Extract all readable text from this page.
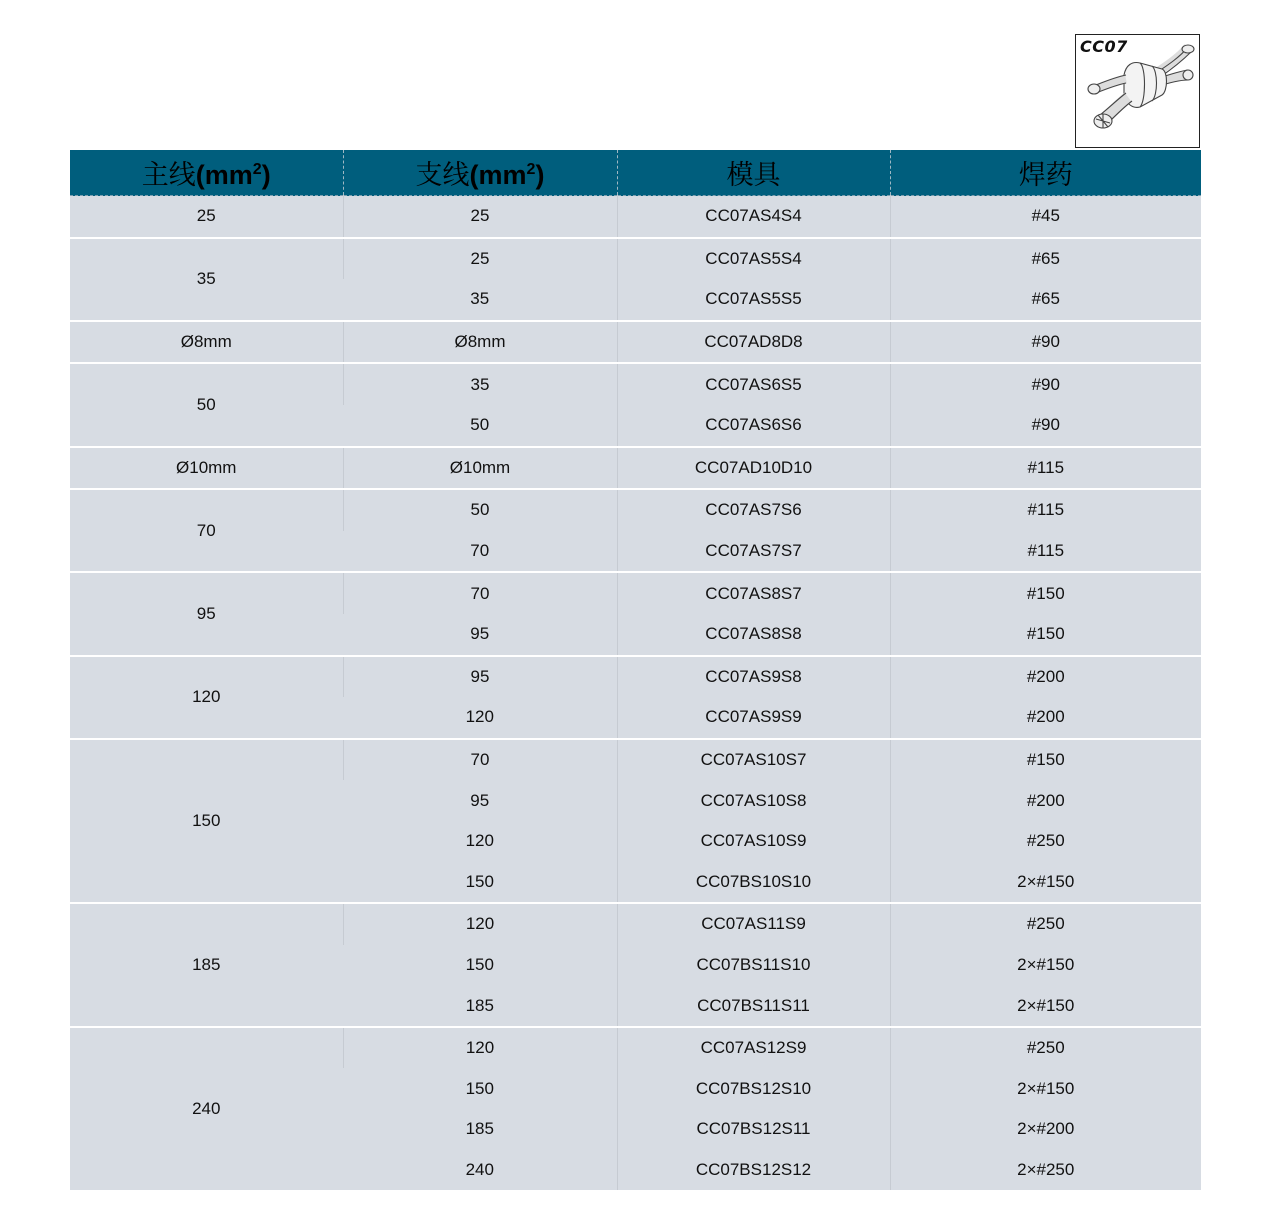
CC07
主线$(mm^2)$	支线$(mm^2)$	模具	焊药
25	25	CC07AS4S4	#45
35	25	CC07AS5S4	#65
	35	CC07AS5S5	#65
Ø8mm	Ø8mm	CC07AD8D8	#90
50	35	CC07AS6S5	#90
	50	CC07AS6S6	#90
Ø10mm	Ø10mm	CC07AD10D10	#115
70	50	CC07AS7S6	#115
	70	CC07AS7S7	#115
95	70	CC07AS8S7	#150
	95	CC07AS8S8	#150
120	95	CC07AS9S8	#200
	120	CC07AS9S9	#200
150	70	CC07AS10S7	#150
	95	CC07AS10S8	#200
	120	CC07AS10S9	#250
	150	CC07BS10S10	2×#150
185	120	CC07AS11S9	#250
	150	CC07BS11S10	2×#150
	185	CC07BS11S11	2×#150
240	120	CC07AS12S9	#250
	150	CC07BS12S10	2×#150
	185	CC07BS12S11	2×#200
	240	CC07BS12S12	2×#250
